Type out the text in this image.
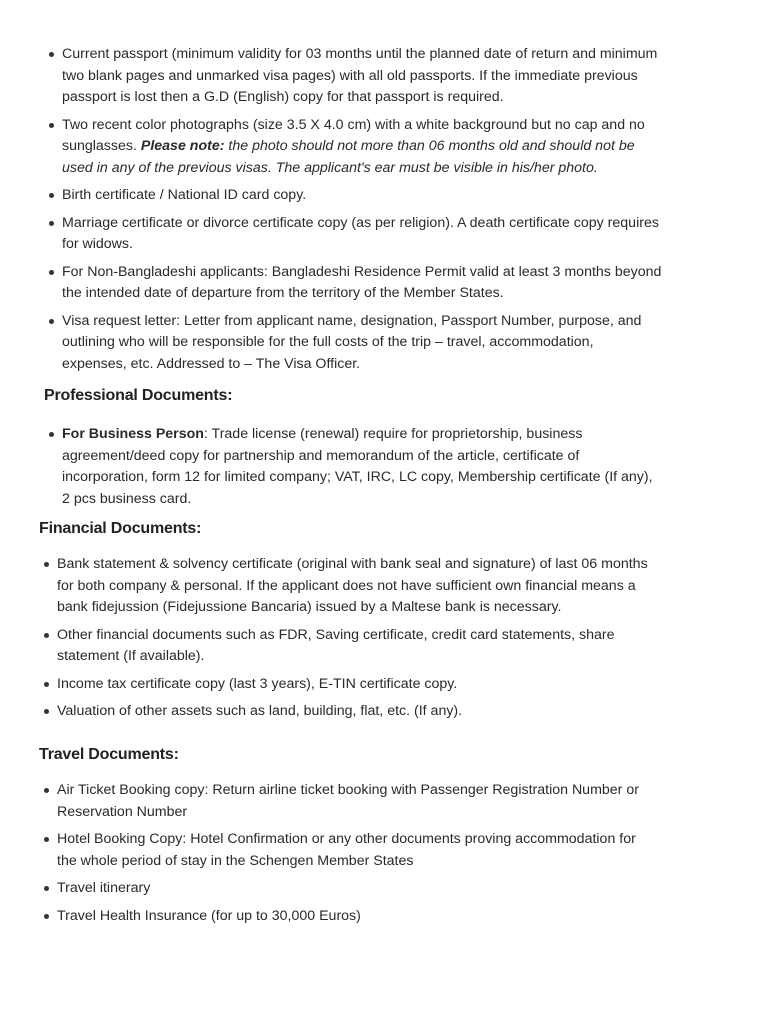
Current passport (minimum validity for 03 months until the planned date of return and minimum two blank pages and unmarked visa pages) with all old passports. If the immediate previous passport is lost then a G.D (English) copy for that passport is required.
Two recent color photographs (size 3.5 X 4.0 cm) with a white background but no cap and no sunglasses. Please note: the photo should not more than 06 months old and should not be used in any of the previous visas. The applicant's ear must be visible in his/her photo.
Birth certificate / National ID card copy.
Marriage certificate or divorce certificate copy (as per religion). A death certificate copy requires for widows.
For Non-Bangladeshi applicants: Bangladeshi Residence Permit valid at least 3 months beyond the intended date of departure from the territory of the Member States.
Visa request letter: Letter from applicant name, designation, Passport Number, purpose, and outlining who will be responsible for the full costs of the trip – travel, accommodation, expenses, etc. Addressed to – The Visa Officer.
Professional Documents:
For Business Person: Trade license (renewal) require for proprietorship, business agreement/deed copy for partnership and memorandum of the article, certificate of incorporation, form 12 for limited company; VAT, IRC, LC copy, Membership certificate (If any), 2 pcs business card.
Financial Documents:
Bank statement & solvency certificate (original with bank seal and signature) of last 06 months for both company & personal. If the applicant does not have sufficient own financial means a bank fidejussion (Fidejussione Bancaria) issued by a Maltese bank is necessary.
Other financial documents such as FDR, Saving certificate, credit card statements, share statement (If available).
Income tax certificate copy (last 3 years), E-TIN certificate copy.
Valuation of other assets such as land, building, flat, etc. (If any).
Travel Documents:
Air Ticket Booking copy: Return airline ticket booking with Passenger Registration Number or Reservation Number
Hotel Booking Copy: Hotel Confirmation or any other documents proving accommodation for the whole period of stay in the Schengen Member States
Travel itinerary
Travel Health Insurance (for up to 30,000 Euros)
